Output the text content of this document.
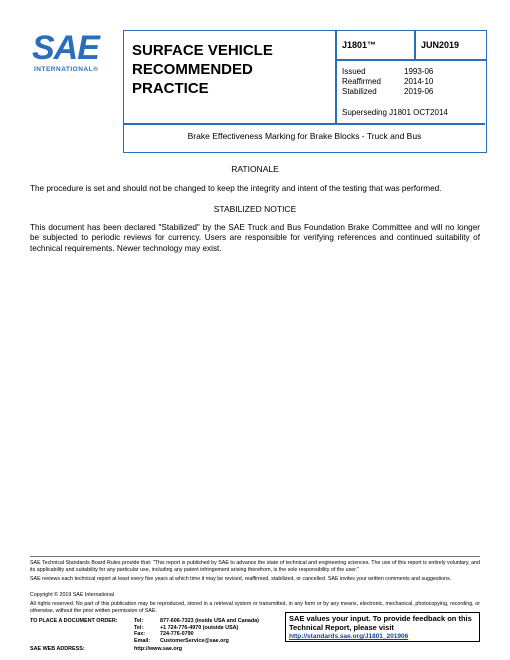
SAE
INTERNATIONAL®
SURFACE VEHICLE
RECOMMENDED PRACTICE
J1801™	JUN2019
Issued	1993-06
Reaffirmed	2014-10
Stabilized	2019-06
Superseding J1801 OCT2014
Brake Effectiveness Marking for Brake Blocks - Truck and Bus
RATIONALE
The procedure is set and should not be changed to keep the integrity and intent of the testing that was performed.
STABILIZED NOTICE
This document has been declared "Stabilized" by the SAE Truck and Bus Foundation Brake Committee and will no longer be subjected to periodic reviews for currency. Users are responsible for verifying references and continued suitability of technical requirements. Newer technology may exist.
SAE Technical Standards Board Rules provide that: "This report is published by SAE to advance the state of technical and engineering sciences. The use of this report is entirely voluntary, and its applicability and suitability for any particular use, including any patent infringement arising therefrom, is the sole responsibility of the user."
SAE reviews each technical report at least every five years at which time it may be revised, reaffirmed, stabilized, or cancelled. SAE invites your written comments and suggestions.
Copyright © 2019 SAE International
All rights reserved. No part of this publication may be reproduced, stored in a retrieval system or transmitted, in any form or by any means, electronic, mechanical, photocopying, recording, or otherwise, without the prior written permission of SAE.
TO PLACE A DOCUMENT ORDER:	Tel:	877-606-7323 (inside USA and Canada)
Tel:	+1 724-776-4970 (outside USA)
Fax:	724-776-0790
Email:	CustomerService@sae.org
SAE WEB ADDRESS:	http://www.sae.org
SAE values your input. To provide feedback on this Technical Report, please visit
http://standards.sae.org/J1801_201906
